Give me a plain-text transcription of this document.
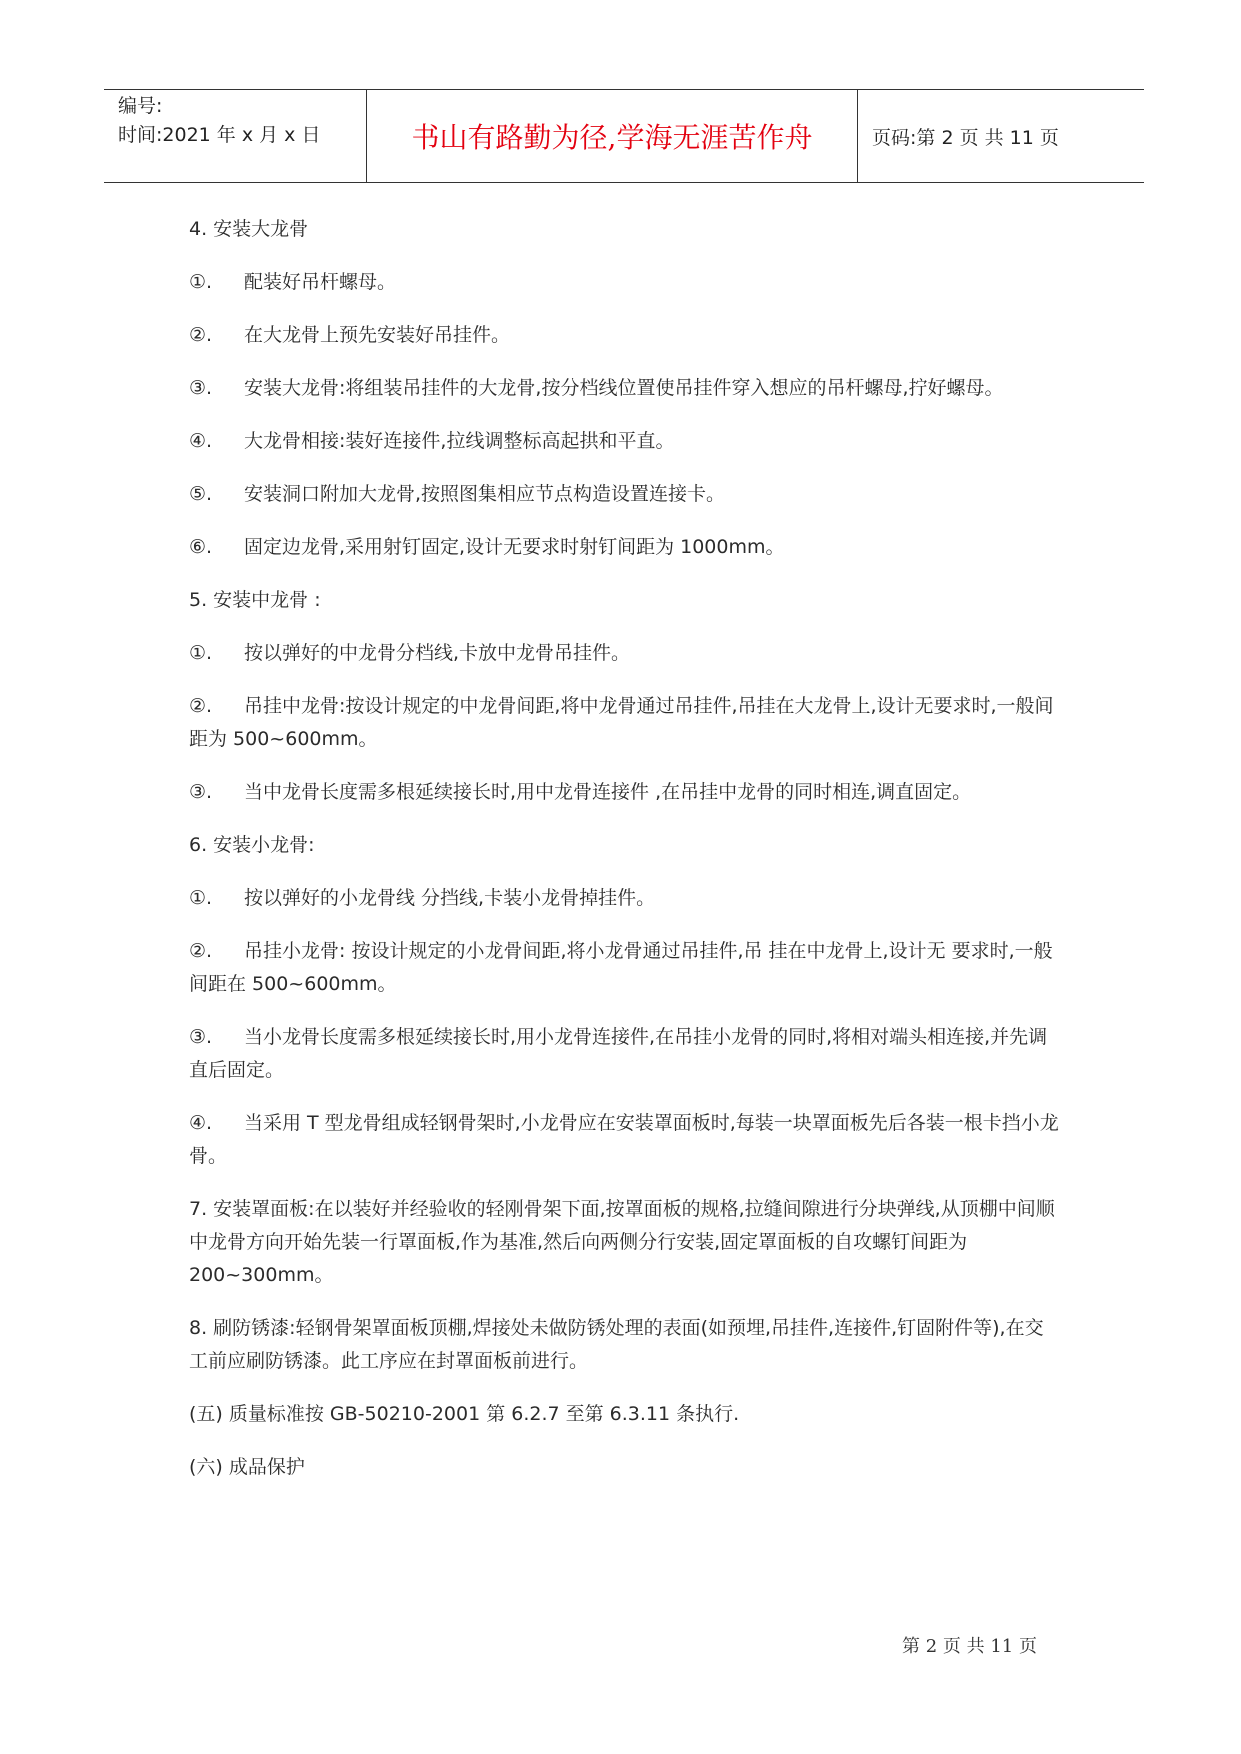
编号:
时间:2021 年 x 月 x 日	书山有路勤为径,学海无涯苦作舟	页码:第 2 页 共 11 页

4. 安装大龙骨

①. 配装好吊杆螺母。

②. 在大龙骨上预先安装好吊挂件。

③. 安装大龙骨:将组装吊挂件的大龙骨,按分档线位置使吊挂件穿入想应的吊杆螺母,拧好螺母。

④. 大龙骨相接:装好连接件,拉线调整标高起拱和平直。

⑤. 安装洞口附加大龙骨,按照图集相应节点构造设置连接卡。

⑥. 固定边龙骨,采用射钉固定,设计无要求时射钉间距为 1000mm。

5. 安装中龙骨 :

①. 按以弹好的中龙骨分档线,卡放中龙骨吊挂件。

②. 吊挂中龙骨:按设计规定的中龙骨间距,将中龙骨通过吊挂件,吊挂在大龙骨上,设计无要求时,一般间距为 500~600mm。

③. 当中龙骨长度需多根延续接长时,用中龙骨连接件 ,在吊挂中龙骨的同时相连,调直固定。

6. 安装小龙骨:

①. 按以弹好的小龙骨线 分挡线,卡装小龙骨掉挂件。

②. 吊挂小龙骨: 按设计规定的小龙骨间距,将小龙骨通过吊挂件,吊 挂在中龙骨上,设计无 要求时,一般间距在 500~600mm。

③. 当小龙骨长度需多根延续接长时,用小龙骨连接件,在吊挂小龙骨的同时,将相对端头相连接,并先调直后固定。

④. 当采用 T 型龙骨组成轻钢骨架时,小龙骨应在安装罩面板时,每装一块罩面板先后各装一根卡挡小龙骨。

7. 安装罩面板:在以装好并经验收的轻刚骨架下面,按罩面板的规格,拉缝间隙进行分块弹线,从顶棚中间顺中龙骨方向开始先装一行罩面板,作为基准,然后向两侧分行安装,固定罩面板的自攻螺钉间距为 200~300mm。

8. 刷防锈漆:轻钢骨架罩面板顶棚,焊接处未做防锈处理的表面(如预埋,吊挂件,连接件,钉固附件等),在交工前应刷防锈漆。此工序应在封罩面板前进行。

(五) 质量标准按 GB-50210-2001 第 6.2.7 至第 6.3.11 条执行.

(六) 成品保护

第 2 页 共 11 页
